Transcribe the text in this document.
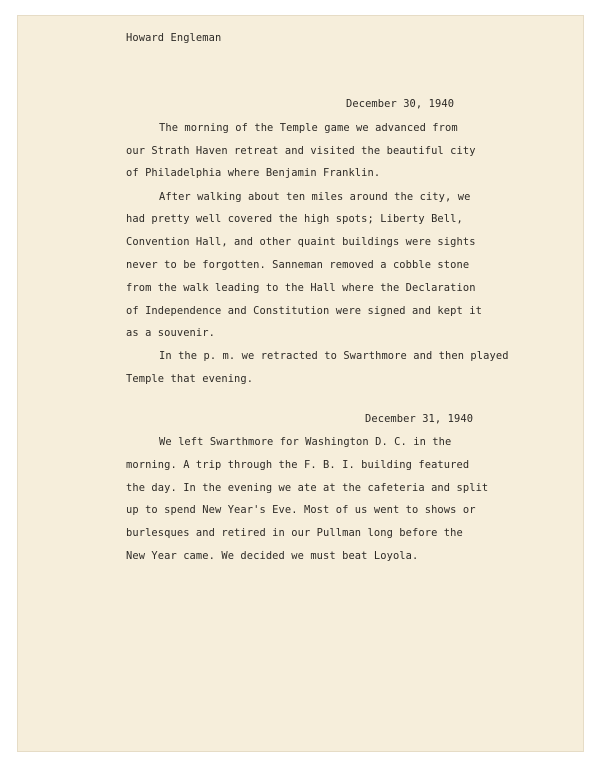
Howard Engleman

December 30, 1940

The morning of the Temple game we advanced from

our Strath Haven retreat and visited the beautiful city

of Philadelphia where Benjamin Franklin.

After walking about ten miles around the city, we

had pretty well covered the high spots; Liberty Bell,

Convention Hall, and other quaint buildings were sights

never to be forgotten. Sanneman removed a cobble stone

from the walk leading to the Hall where the Declaration

of Independence and Constitution were signed and kept it

as a souvenir.

In the p. m. we retracted to Swarthmore and then played

Temple that evening.

December 31, 1940

We left Swarthmore for Washington D. C. in the

morning. A trip through the F. B. I. building featured

the day. In the evening we ate at the cafeteria and split

up to spend New Year's Eve. Most of us went to shows or

burlesques and retired in our Pullman long before the

New Year came. We decided we must beat Loyola.
